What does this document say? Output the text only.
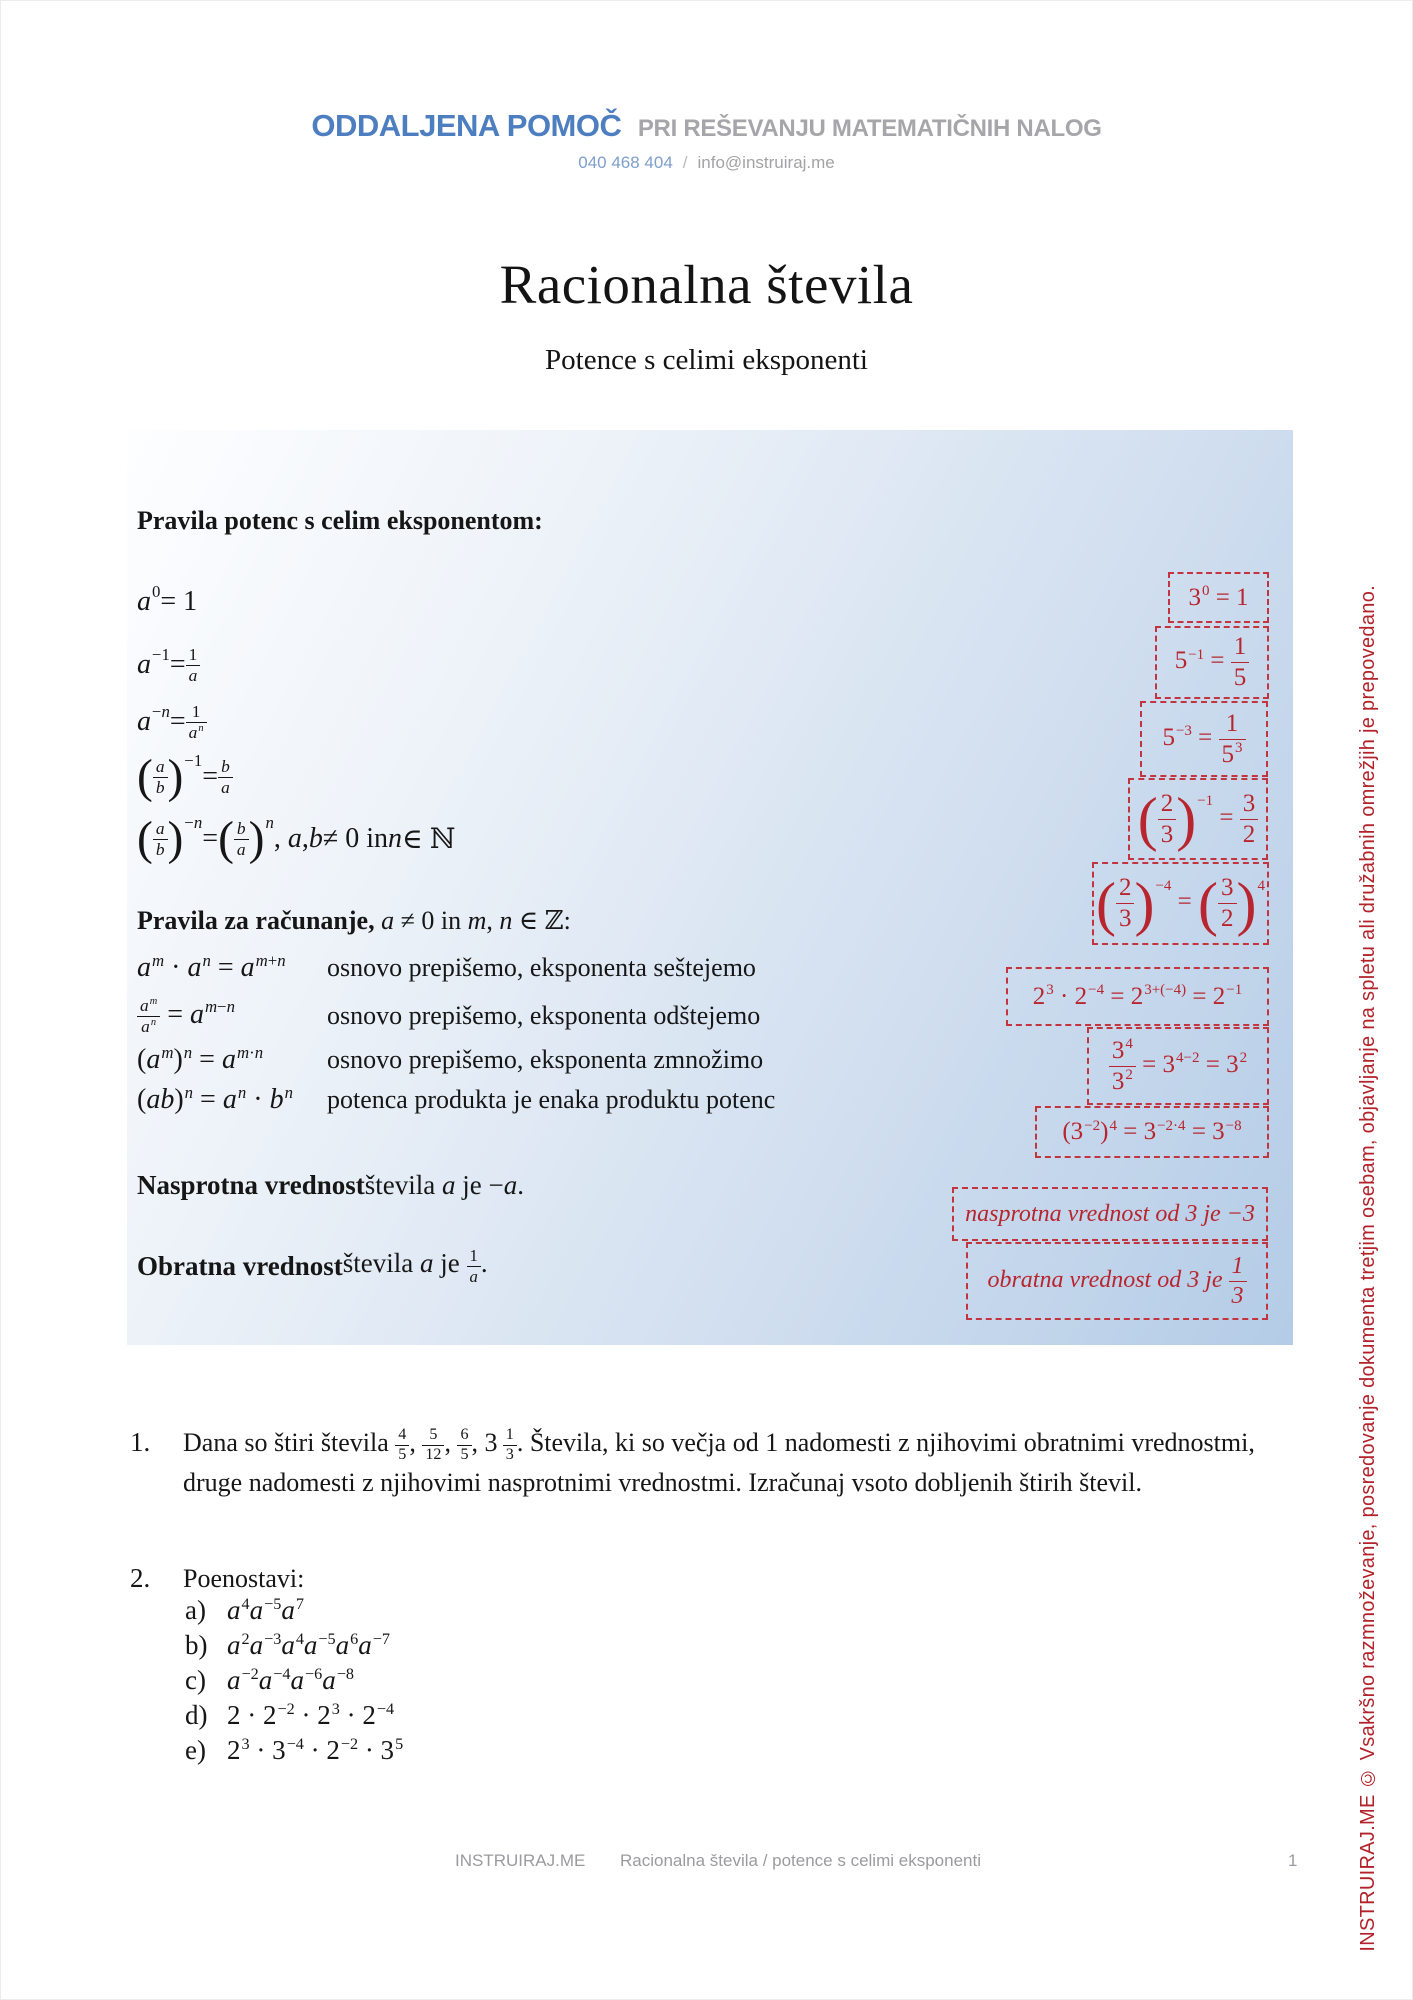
ODDALJENA POMOČ PRI REŠEVANJU MATEMATIČNIH NALOG
040 468 404 / info@instruiraj.me
Racionalna števila
Potence s celimi eksponenti
Pravila potenc s celim eksponentom:
$a^0 = 1$
$a^{-1} = \frac{1}{a}$
$a^{-n} = \frac{1}{a^n}$
( $\frac{a}{b} )^{-1}$
= $\frac{b}{a}$
( $\frac{a}{b} )^{-n}$
= ( $\frac{b}{a}$ ) $^n$
, a , b ≠ 0 in n ∈ ℕ
Pravila za računanje, a ≠ 0 in m, n ∈ ℤ:
$a^m \cdot a^n = a^{m+n}$	osnovo prepišemo, eksponenta seštejemo
$\frac{a^m}{a^n} = a^{m-n}$	osnovo prepišemo, eksponenta odštejemo
$(a^m)^n = a^{m\cdot n}$	osnovo prepišemo, eksponenta zmnožimo
$(ab)^n = a^n \cdot b^n$	potenca produkta je enaka produktu potenc
Nasprotna vrednost števila a je −a.
Obratna vrednost števila a je $\frac{1}{a}$ .
$3^0 = 1$
$5^{-1} = \frac{1}{5}$
$5^{-3} = \frac{1}{5^3}$
( $\frac{2}{3} )^{-1} = \frac{3}{2}$
( $\frac{2}{3} )^{-4}$ = ( $\frac{3}{2} )^4$
$2^3 \cdot 2^{-4} = 2^{3+(-4)} = 2^{-1}$
$\frac{3^4}{3^2} = 3^{4-2} = 3^2$
$(3^{-2})^4 = 3^{-2\cdot 4} = 3^{-8}$
nasprotna vrednost od 3 je −3
obratna vrednost od 3 je $\frac{1}{3}$
1.	Dana so štiri števila $\frac{4}{5}$ , $\frac{5}{12}$ , $\frac{6}{5}$ , $3 \frac{1}{3}$ . Števila, ki so večja od 1 nadomesti z njihovimi obratnimi vrednostmi, druge nadomesti z njihovimi nasprotnimi vrednostmi. Izračunaj vsoto dobljenih štirih števil.
2.	Poenostavi:
a) $a^4a^{-5}a^7$
b) $a^2a^{-3}a^4a^{-5}a^6a^{-7}$
c) $a^{-2}a^{-4}a^{-6}a^{-8}$
d) $2 \cdot 2^{-2} \cdot 2^3 \cdot 2^{-4}$
e) $2^3 \cdot 3^{-4} \cdot 2^{-2} \cdot 3^5$
INSTRUIRAJ.ME Racionalna števila / potence s celimi eksponenti	1	INSTRUIRAJ.ME © Vsakršno razmnoževanje, posredovanje dokumenta tretjim osebam, objavljanje na spletu ali družabnih omrežjih je prepovedano.
